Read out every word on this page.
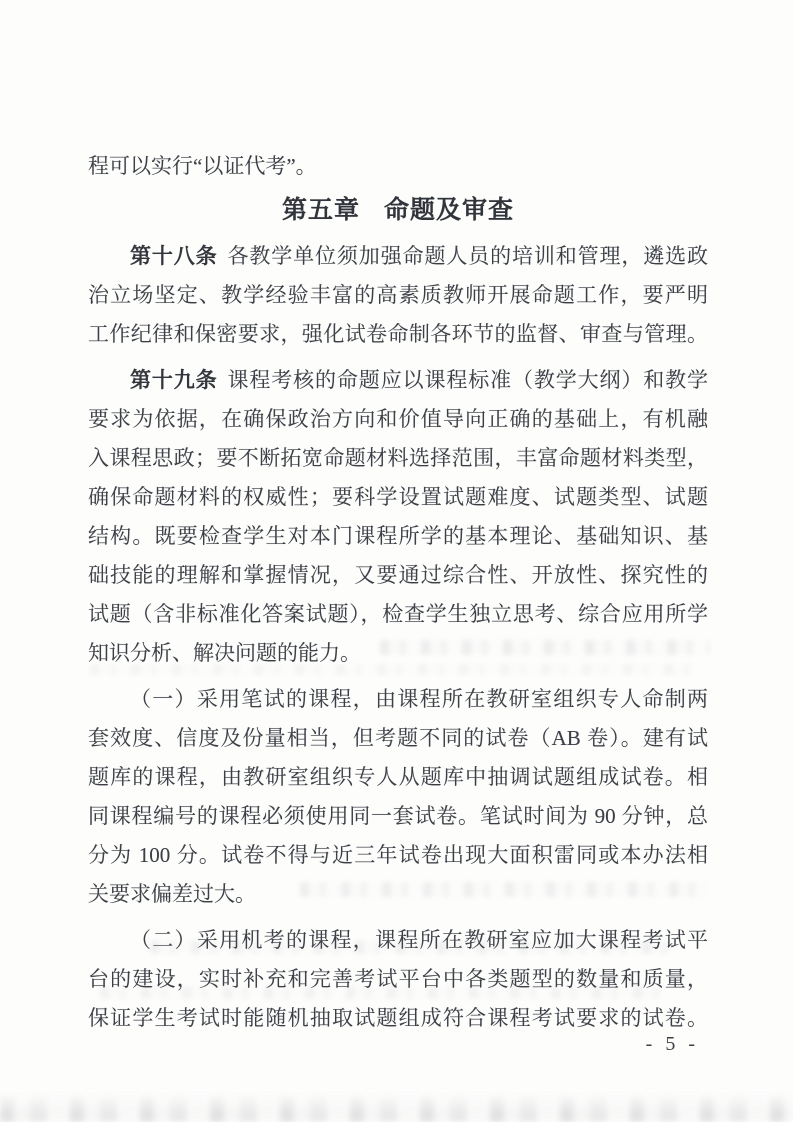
程可以实行“以证代考”。
第五章 命题及审查
第十八条 各教学单位须加强命题人员的培训和管理，遴选政
治立场坚定、教学经验丰富的高素质教师开展命题工作，要严明
工作纪律和保密要求，强化试卷命制各环节的监督、审查与管理。
第十九条 课程考核的命题应以课程标准（教学大纲）和教学
要求为依据，在确保政治方向和价值导向正确的基础上，有机融
入课程思政；要不断拓宽命题材料选择范围，丰富命题材料类型，
确保命题材料的权威性；要科学设置试题难度、试题类型、试题
结构。既要检查学生对本门课程所学的基本理论、基础知识、基
础技能的理解和掌握情况，又要通过综合性、开放性、探究性的
试题（含非标准化答案试题），检查学生独立思考、综合应用所学
知识分析、解决问题的能力。
（一）采用笔试的课程，由课程所在教研室组织专人命制两
套效度、信度及份量相当，但考题不同的试卷（AB 卷）。建有试
题库的课程，由教研室组织专人从题库中抽调试题组成试卷。相
同课程编号的课程必须使用同一套试卷。笔试时间为 90 分钟，总
分为 100 分。试卷不得与近三年试卷出现大面积雷同或本办法相
关要求偏差过大。
（二）采用机考的课程，课程所在教研室应加大课程考试平
台的建设，实时补充和完善考试平台中各类题型的数量和质量，
保证学生考试时能随机抽取试题组成符合课程考试要求的试卷。
- 5 -
